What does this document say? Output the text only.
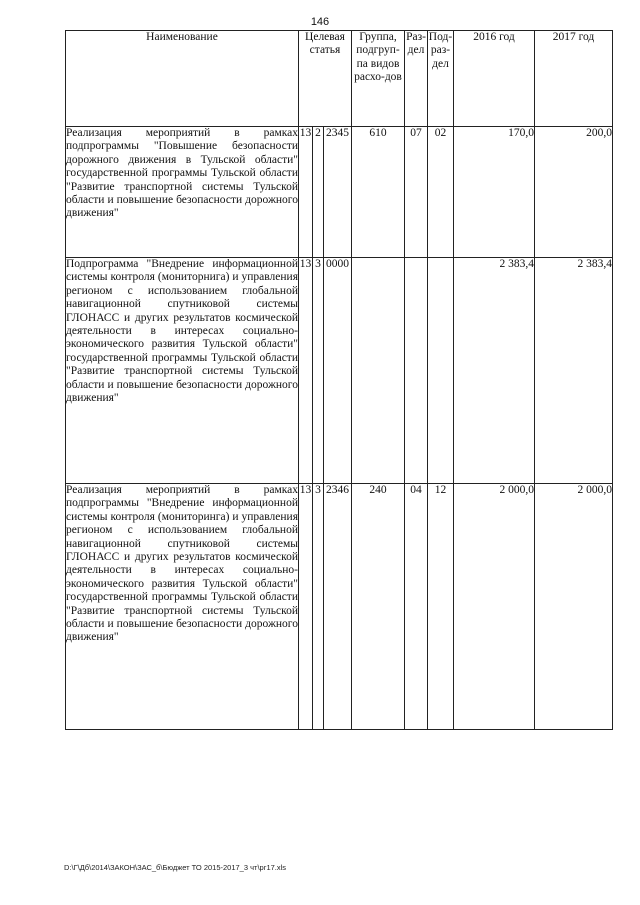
146
Наименование	Целевая статья			Группа, подгруп-па видов расхо-дов	Раз-дел	Под-раз-дел	2016 год	2017 год
Реализация мероприятий в рамках подпрограммы "Повышение безопасности дорожного движения в Тульской области" государственной программы Тульской области "Развитие транспортной системы Тульской области и повышение безопасности дорожного движения"	13	2	2345	610	07	02	170,0	200,0
Подпрограмма "Внедрение информационной системы контроля (мониторнига) и управления регионом с использованием глобальной навигационной спутниковой системы ГЛОНАСС и других результатов космической деятельности в интересах социально-экономического развития Тульской области" государственной программы Тульской области "Развитие транспортной системы Тульской области и повышение безопасности дорожного движения"	13	3	0000				2 383,4	2 383,4
Реализация мероприятий в рамках подпрограммы "Внедрение информационной системы контроля (мониторинга) и управления регионом с использованием глобальной навигационной спутниковой системы ГЛОНАСС и других результатов космической деятельности в интересах социально-экономического развития Тульской области" государственной программы Тульской области "Развитие транспортной системы Тульской области и повышение безопасности дорожного движения"	13	3	2346	240	04	12	2 000,0	2 000,0
D:\Г\Дб\2014\ЗАКОН\ЗАС_б\Бюджет ТО 2015-2017_3 чт\рг17.xls
